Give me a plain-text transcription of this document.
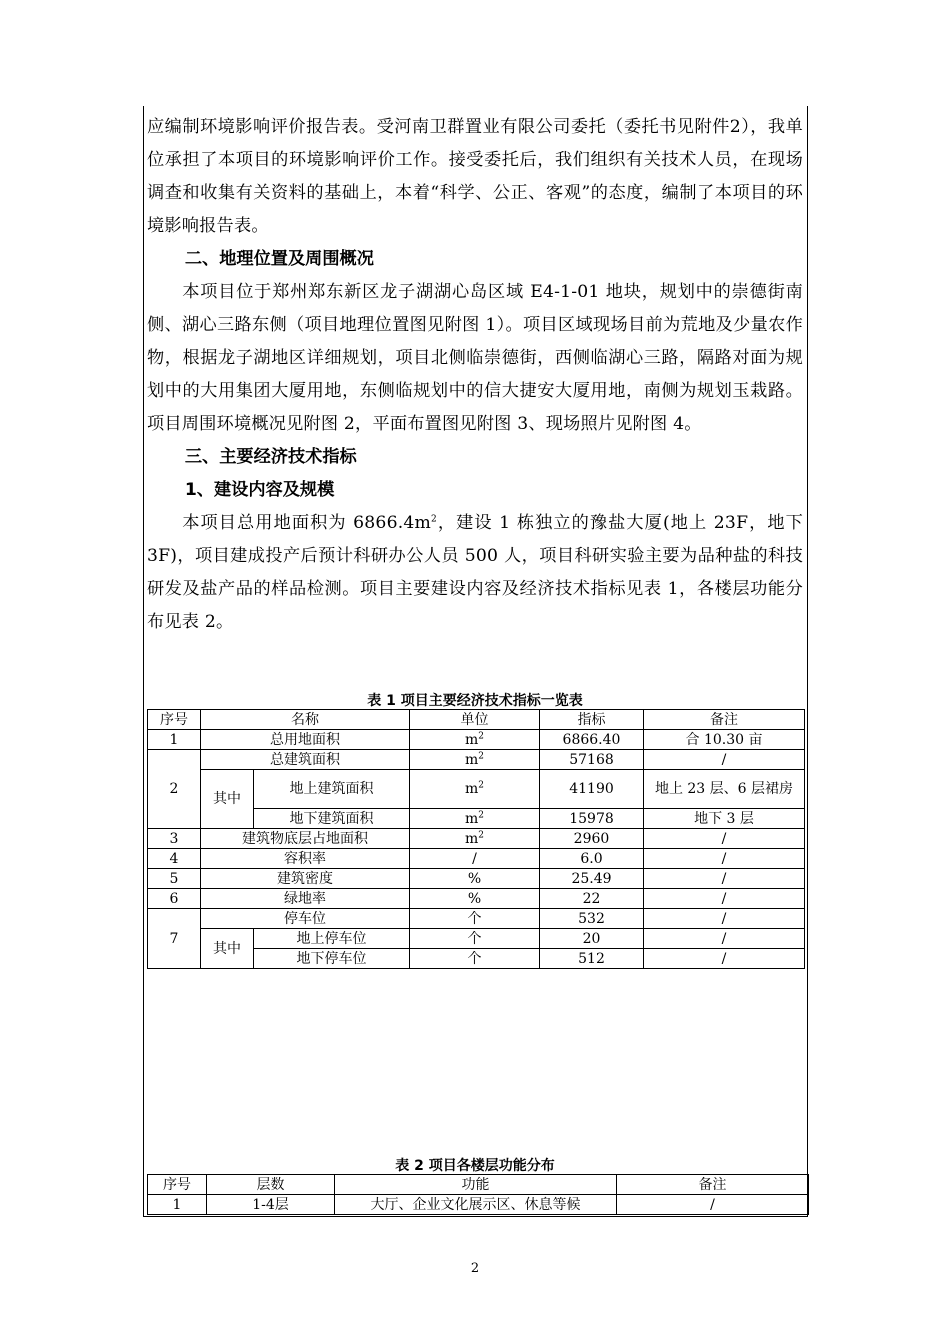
应编制环境影响评价报告表。受河南卫群置业有限公司委托（委托书见附件2），我单位承担了本项目的环境影响评价工作。接受委托后，我们组织有关技术人员，在现场调查和收集有关资料的基础上，本着“科学、公正、客观”的态度，编制了本项目的环境影响报告表。

二、地理位置及周围概况

本项目位于郑州郑东新区龙子湖湖心岛区域 E4-1-01 地块，规划中的崇德街南侧、湖心三路东侧（项目地理位置图见附图 1）。项目区域现场目前为荒地及少量农作物，根据龙子湖地区详细规划，项目北侧临崇德街，西侧临湖心三路，隔路对面为规划中的大用集团大厦用地，东侧临规划中的信大捷安大厦用地，南侧为规划玉栽路。项目周围环境概况见附图 2，平面布置图见附图 3、现场照片见附图 4。

三、主要经济技术指标

1、建设内容及规模

本项目总用地面积为 $6866.4m^2$，建设 1 栋独立的豫盐大厦(地上 23F，地下 3F)，项目建成投产后预计科研办公人员 500 人，项目科研实验主要为品种盐的科技研发及盐产品的样品检测。项目主要建设内容及经济技术指标见表 1，各楼层功能分布见表 2。

表 1 项目主要经济技术指标一览表
序号	名称		单位	指标	备注
1	总用地面积		$m^2$	6866.40	合 10.30 亩
2	总建筑面积		$m^2$	57168	/
	其中	地上建筑面积	$m^2$	41190	地上 23 层、6 层裙房
		地下建筑面积	$m^2$	15978	地下 3 层
3	建筑物底层占地面积		$m^2$	2960	/
4	容积率		/	6.0	/
5	建筑密度		%	25.49	/
6	绿地率		%	22	/
7	停车位		个	532	/
	其中	地上停车位	个	20	/
		地下停车位	个	512	/
表 2 项目各楼层功能分布
序号	层数	功能	备注
1	1-4层	大厅、企业文化展示区、休息等候	/
2
